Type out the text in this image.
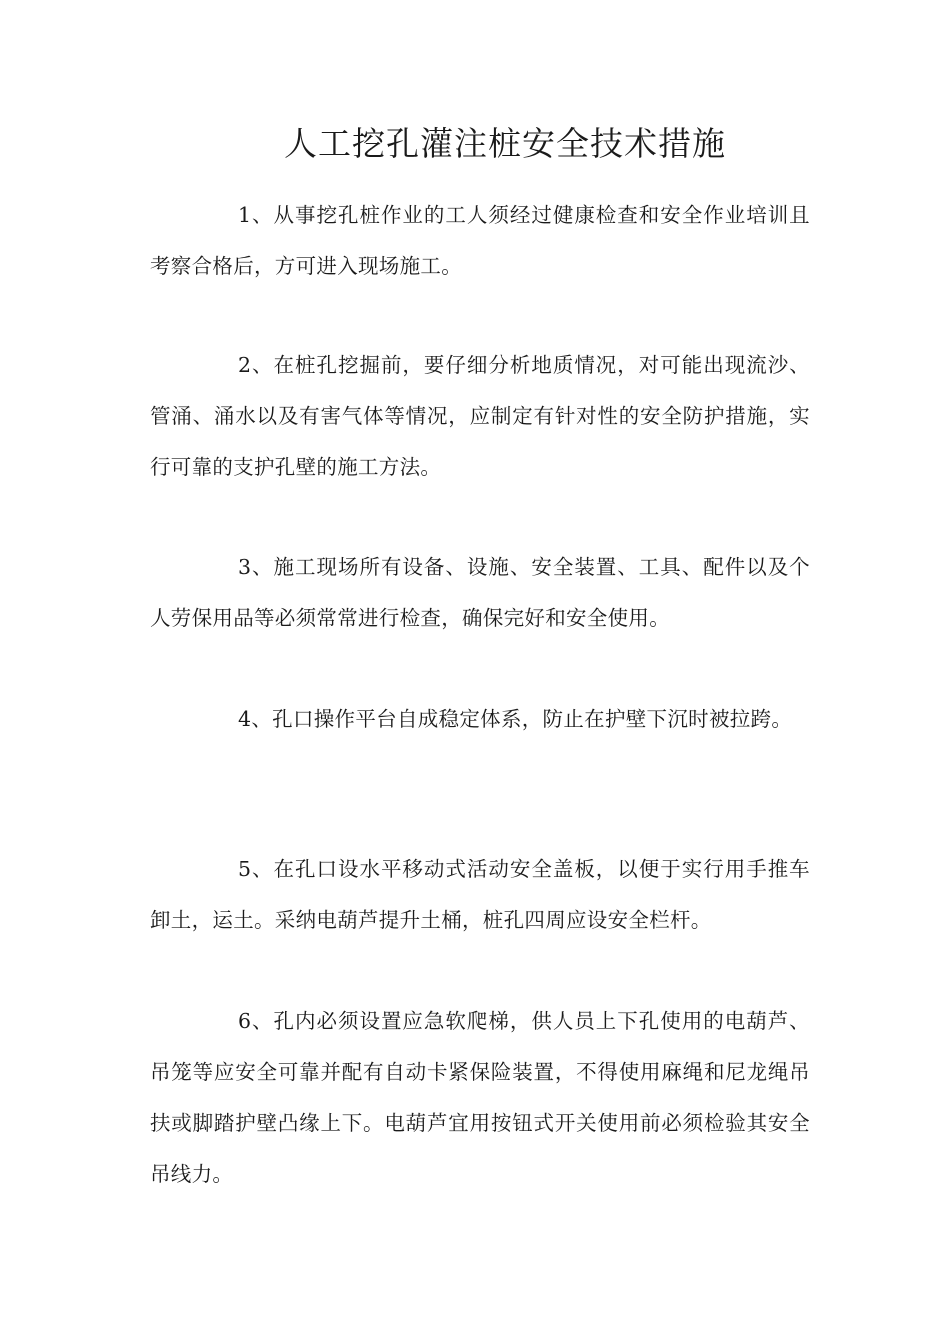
人工挖孔灌注桩安全技术措施

1、从事挖孔桩作业的工人须经过健康检查和安全作业培训且考察合格后，方可进入现场施工。

2、在桩孔挖掘前，要仔细分析地质情况，对可能出现流沙、管涌、涌水以及有害气体等情况，应制定有针对性的安全防护措施，实行可靠的支护孔壁的施工方法。

3、施工现场所有设备、设施、安全装置、工具、配件以及个人劳保用品等必须常常进行检查，确保完好和安全使用。

4、孔口操作平台自成稳定体系，防止在护壁下沉时被拉跨。

5、在孔口设水平移动式活动安全盖板，以便于实行用手推车卸土，运土。采纳电葫芦提升土桶，桩孔四周应设安全栏杆。

6、孔内必须设置应急软爬梯，供人员上下孔使用的电葫芦、吊笼等应安全可靠并配有自动卡紧保险装置，不得使用麻绳和尼龙绳吊扶或脚踏护壁凸缘上下。电葫芦宜用按钮式开关使用前必须检验其安全吊线力。
